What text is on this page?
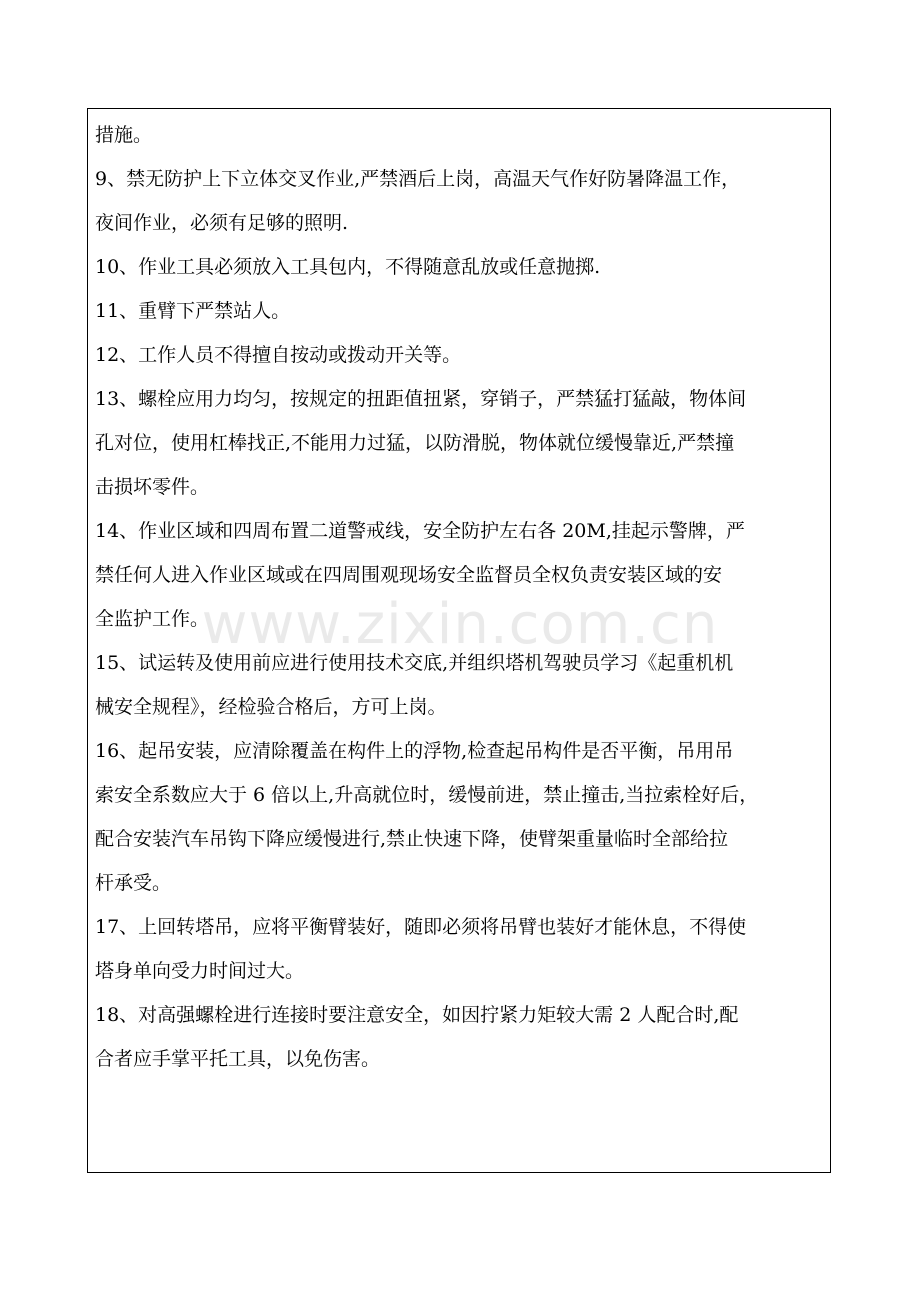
措施。
9、禁无防护上下立体交叉作业,严禁酒后上岗，高温天气作好防暑降温工作，
夜间作业，必须有足够的照明.
10、作业工具必须放入工具包内，不得随意乱放或任意抛掷.
11、重臂下严禁站人。
12、工作人员不得擅自按动或拨动开关等。
13、螺栓应用力均匀，按规定的扭距值扭紧，穿销子，严禁猛打猛敲，物体间
孔对位，使用杠棒找正,不能用力过猛，以防滑脱，物体就位缓慢靠近,严禁撞
击损坏零件。
14、作业区域和四周布置二道警戒线，安全防护左右各 20M,挂起示警牌，严
禁任何人进入作业区域或在四周围观现场安全监督员全权负责安装区域的安
全监护工作。
15、试运转及使用前应进行使用技术交底,并组织塔机驾驶员学习《起重机机
械安全规程》，经检验合格后，方可上岗。
16、起吊安装，应清除覆盖在构件上的浮物,检查起吊构件是否平衡，吊用吊
索安全系数应大于 6 倍以上,升高就位时，缓慢前进，禁止撞击,当拉索栓好后，
配合安装汽车吊钩下降应缓慢进行,禁止快速下降，使臂架重量临时全部给拉
杆承受。
17、上回转塔吊，应将平衡臂装好，随即必须将吊臂也装好才能休息，不得使
塔身单向受力时间过大。
18、对高强螺栓进行连接时要注意安全，如因拧紧力矩较大需 2 人配合时,配
合者应手掌平托工具，以免伤害。
www.zixin.com.cn
